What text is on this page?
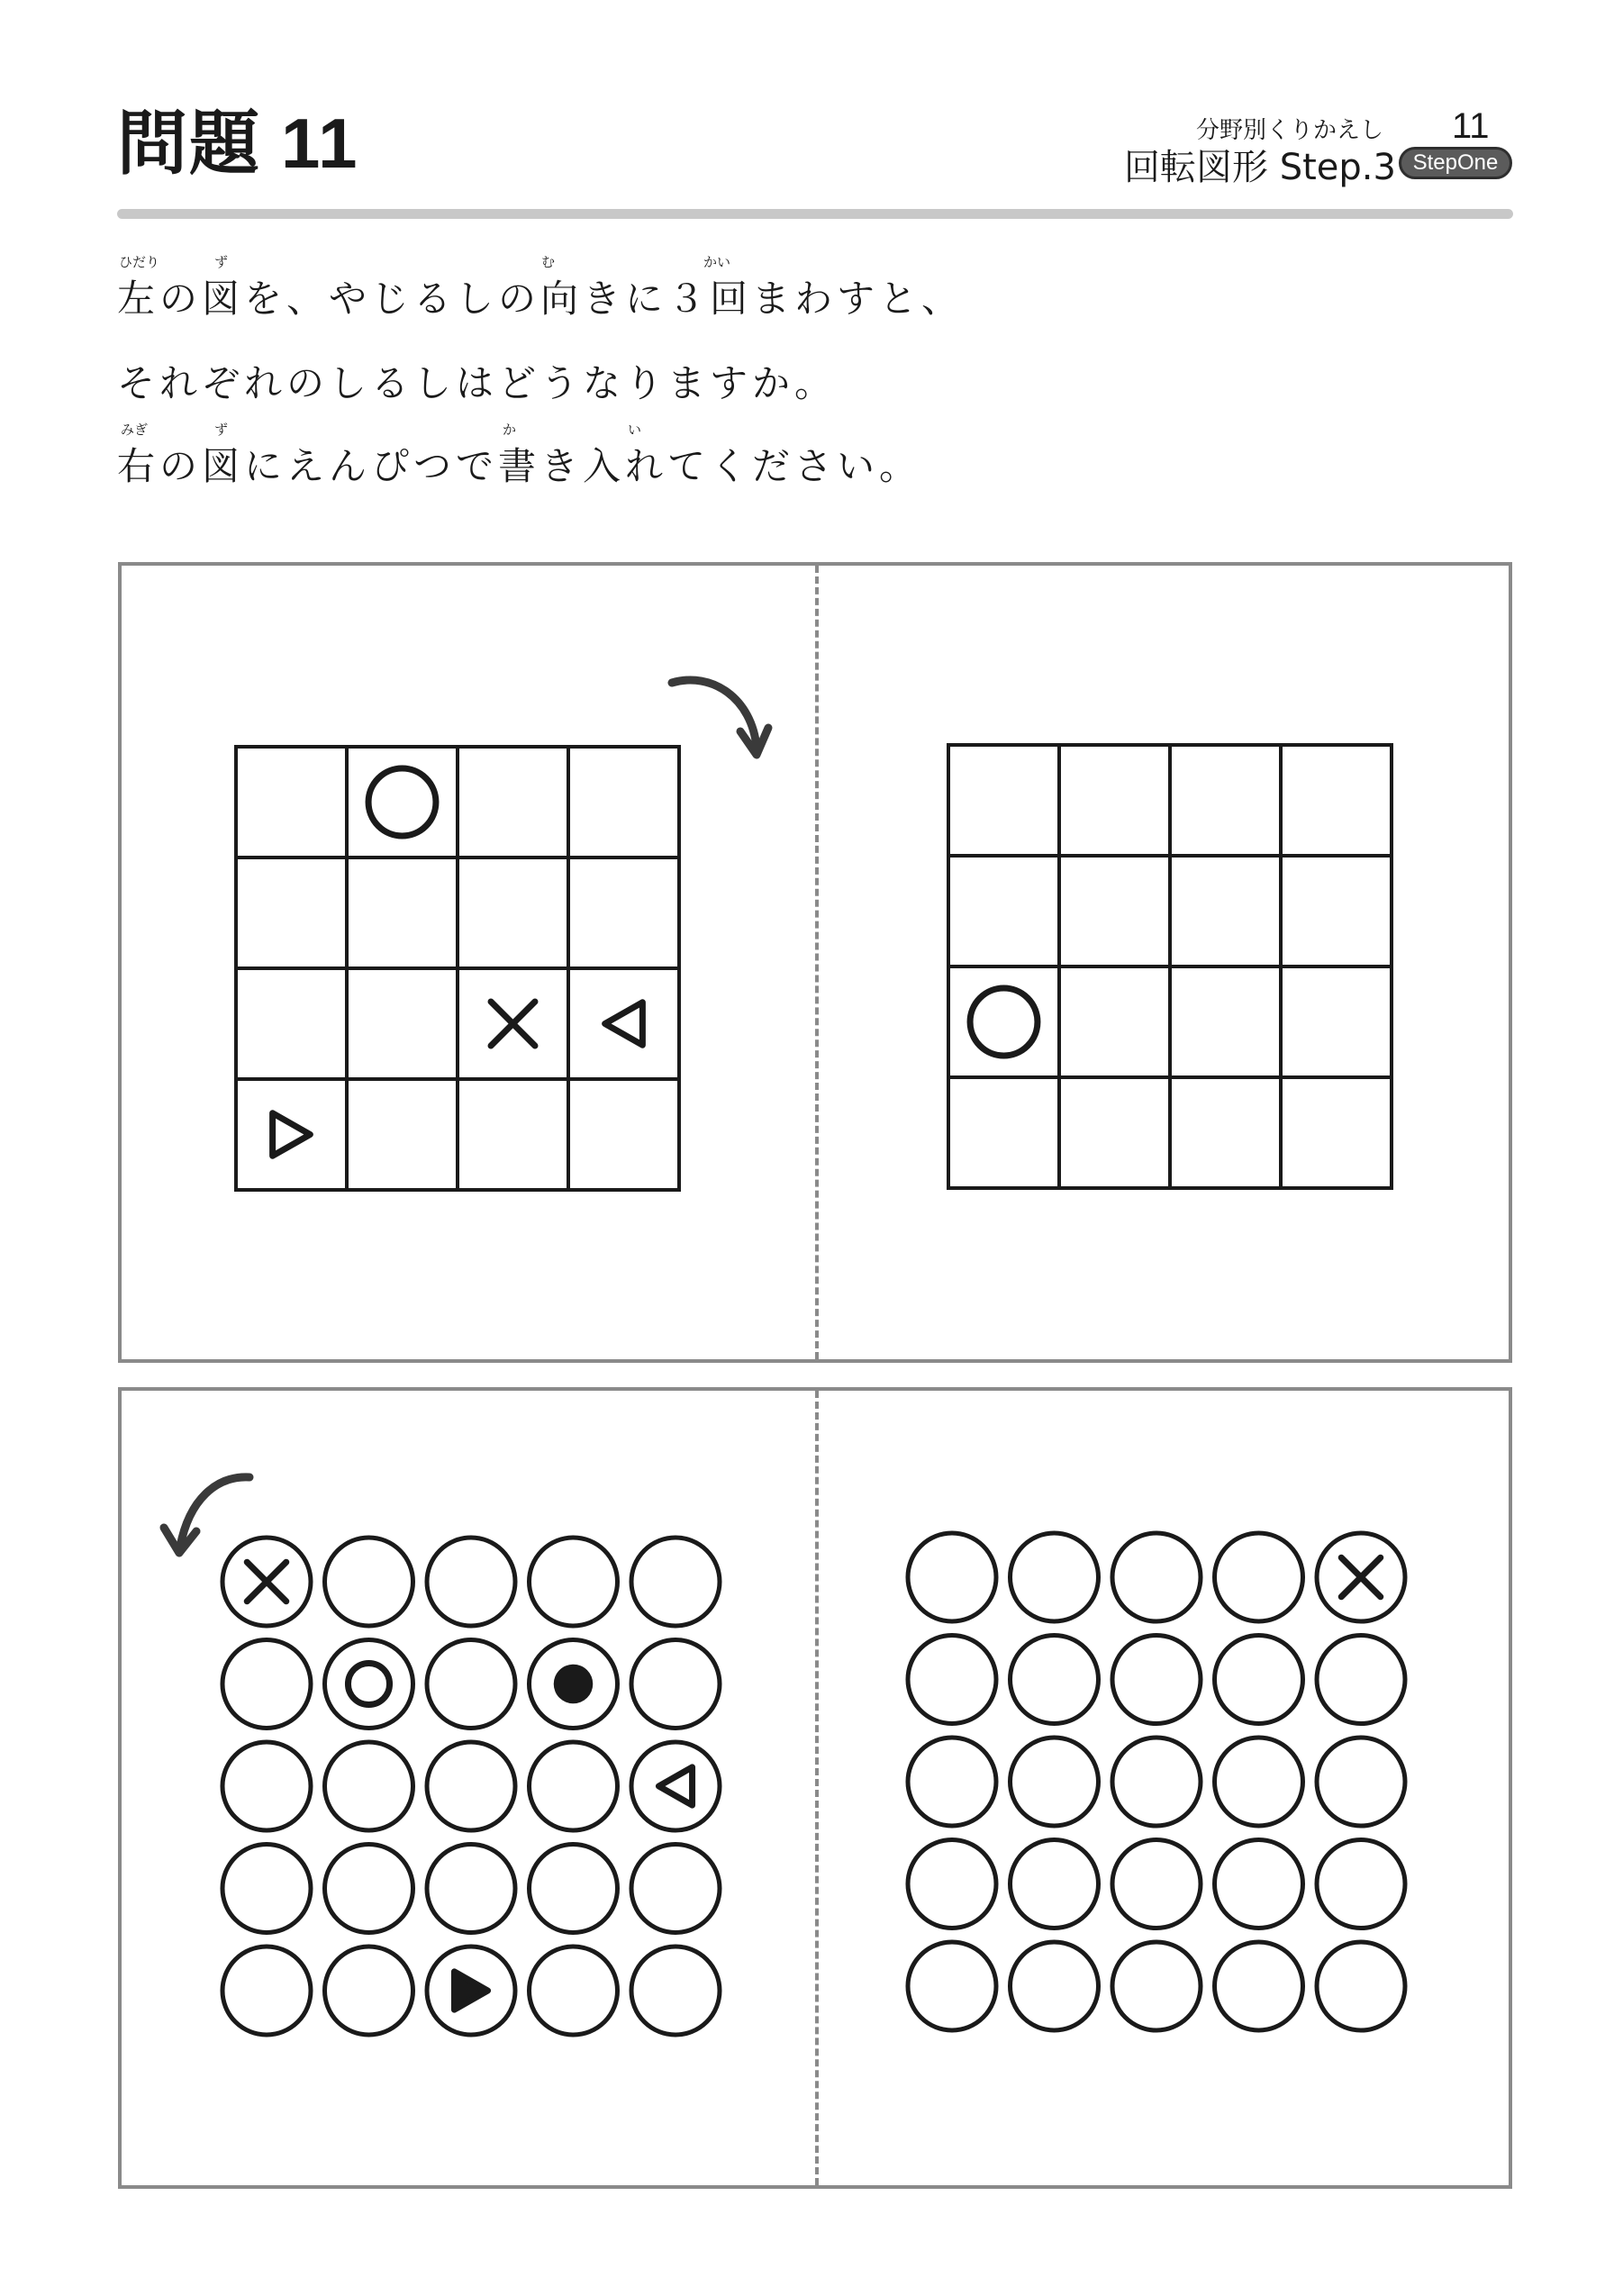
問題 11	分野別くりかえし 11
回転図形 Step.3 StepOne
ひだり	ず	む	かい
左の図を、やじるしの向きに３回まわすと、
それぞれのしるしはどうなりますか。
みぎ	ず	か	い
右の図にえんぴつで書き入れてください。
